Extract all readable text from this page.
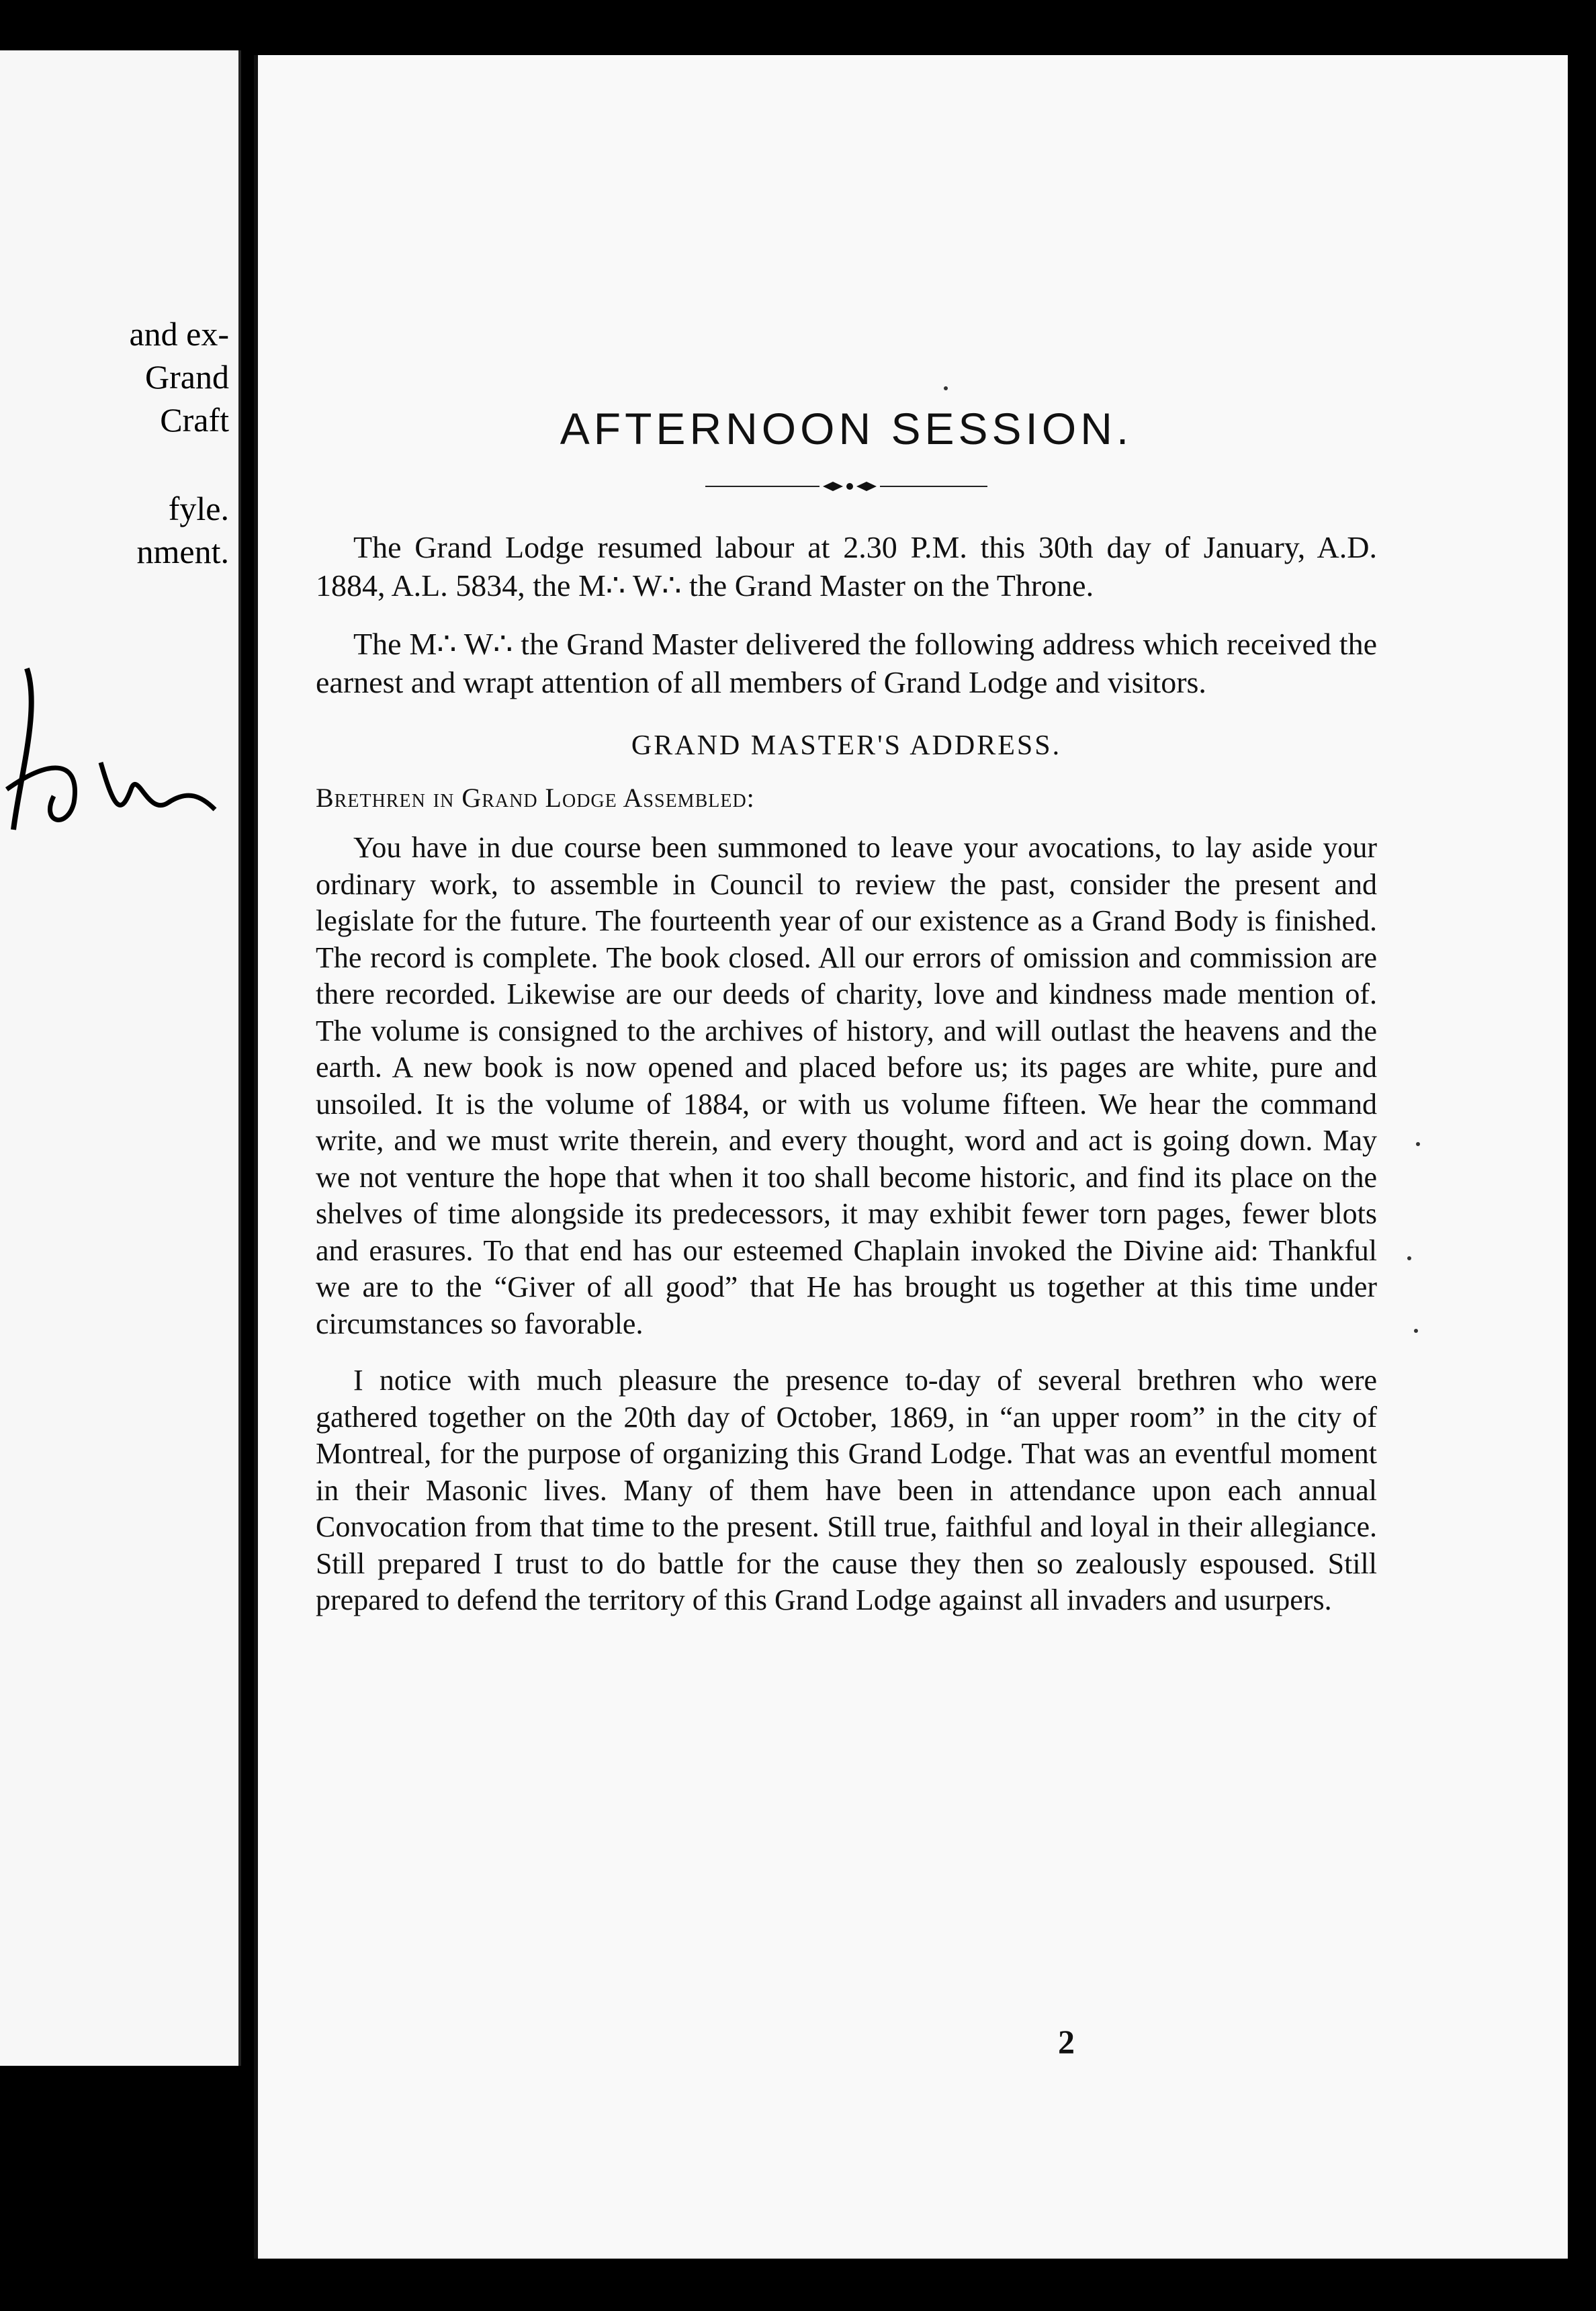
and ex-
Grand
Craft
fyle.
nment.
AFTERNOON SESSION.

The Grand Lodge resumed labour at 2.30 P.M. this 30th day of January, A.D. 1884, A.L. 5834, the M∴ W∴ the Grand Master on the Throne.

The M∴ W∴ the Grand Master delivered the following address which received the earnest and wrapt attention of all members of Grand Lodge and visitors.

GRAND MASTER'S ADDRESS.
Brethren in Grand Lodge Assembled:

You have in due course been summoned to leave your avocations, to lay aside your ordinary work, to assemble in Council to review the past, consider the present and legislate for the future. The fourteenth year of our existence as a Grand Body is finished. The record is complete. The book closed. All our errors of omission and commission are there recorded. Likewise are our deeds of charity, love and kindness made mention of. The volume is consigned to the archives of history, and will outlast the heavens and the earth. A new book is now opened and placed before us; its pages are white, pure and unsoiled. It is the volume of 1884, or with us volume fifteen. We hear the command write, and we must write therein, and every thought, word and act is going down. May we not venture the hope that when it too shall become historic, and find its place on the shelves of time alongside its predecessors, it may exhibit fewer torn pages, fewer blots and erasures. To that end has our esteemed Chaplain invoked the Divine aid: Thankful we are to the “Giver of all good” that He has brought us together at this time under circumstances so favorable.

I notice with much pleasure the presence to-day of several brethren who were gathered together on the 20th day of October, 1869, in “an upper room” in the city of Montreal, for the purpose of organizing this Grand Lodge. That was an eventful moment in their Masonic lives. Many of them have been in attendance upon each annual Convocation from that time to the present. Still true, faithful and loyal in their allegiance. Still prepared I trust to do battle for the cause they then so zealously espoused. Still prepared to defend the territory of this Grand Lodge against all invaders and usurpers.

2
